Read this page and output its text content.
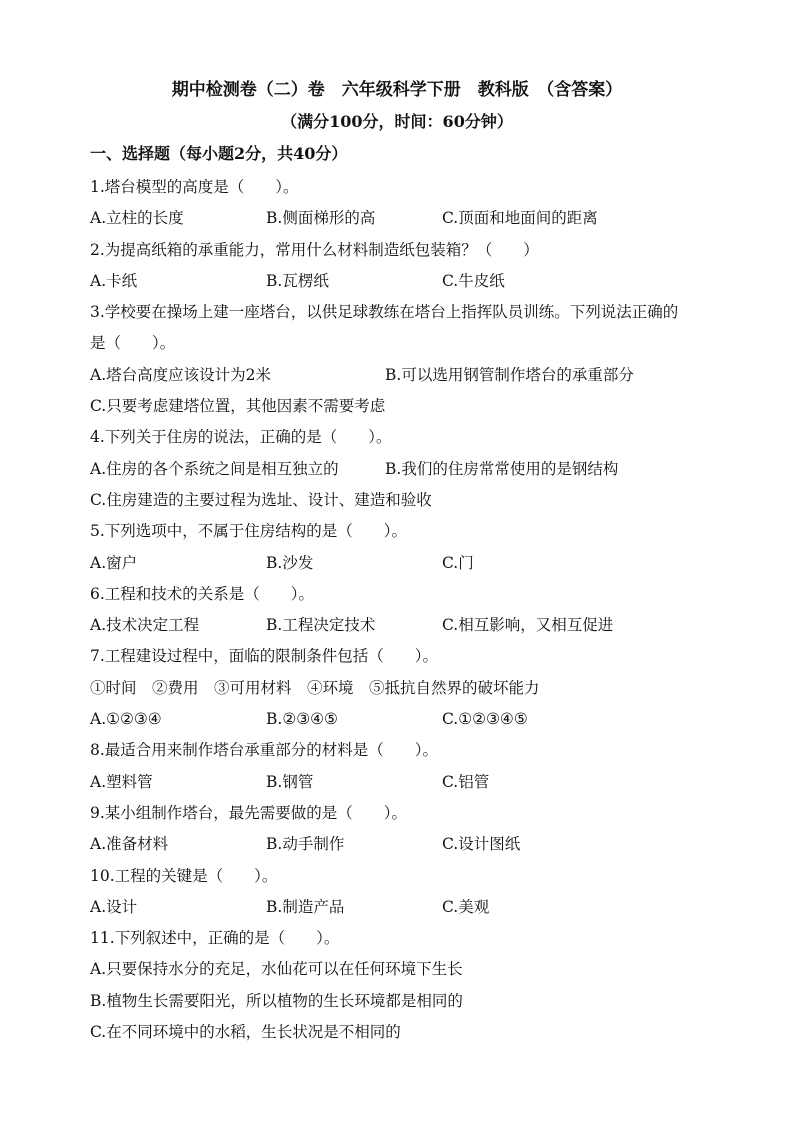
期中检测卷（二）卷　六年级科学下册　教科版　（含答案）
（满分100分，时间：60分钟）
一、选择题（每小题2分，共40分）
1.塔台模型的高度是（　　）。
A.立柱的长度	B.侧面梯形的高	C.顶面和地面间的距离
2.为提高纸箱的承重能力，常用什么材料制造纸包装箱？（　　）
A.卡纸	B.瓦楞纸	C.牛皮纸
3.学校要在操场上建一座塔台，以供足球教练在塔台上指挥队员训练。下列说法正确的
是（　　）。
A.塔台高度应该设计为2米	B.可以选用钢管制作塔台的承重部分
C.只要考虑建塔位置，其他因素不需要考虑
4.下列关于住房的说法，正确的是（　　）。
A.住房的各个系统之间是相互独立的	B.我们的住房常常使用的是钢结构
C.住房建造的主要过程为选址、设计、建造和验收
5.下列选项中，不属于住房结构的是（　　）。
A.窗户	B.沙发	C.门
6.工程和技术的关系是（　　）。
A.技术决定工程	B.工程决定技术	C.相互影响，又相互促进
7.工程建设过程中，面临的限制条件包括（　　）。
①时间　②费用　③可用材料　④环境　⑤抵抗自然界的破坏能力
A.①②③④	B.②③④⑤	C.①②③④⑤
8.最适合用来制作塔台承重部分的材料是（　　）。
A.塑料管	B.钢管	C.铝管
9.某小组制作塔台，最先需要做的是（　　）。
A.准备材料	B.动手制作	C.设计图纸
10.工程的关键是（　　）。
A.设计	B.制造产品	C.美观
11.下列叙述中，正确的是（　　）。
A.只要保持水分的充足，水仙花可以在任何环境下生长
B.植物生长需要阳光，所以植物的生长环境都是相同的
C.在不同环境中的水稻，生长状况是不相同的
